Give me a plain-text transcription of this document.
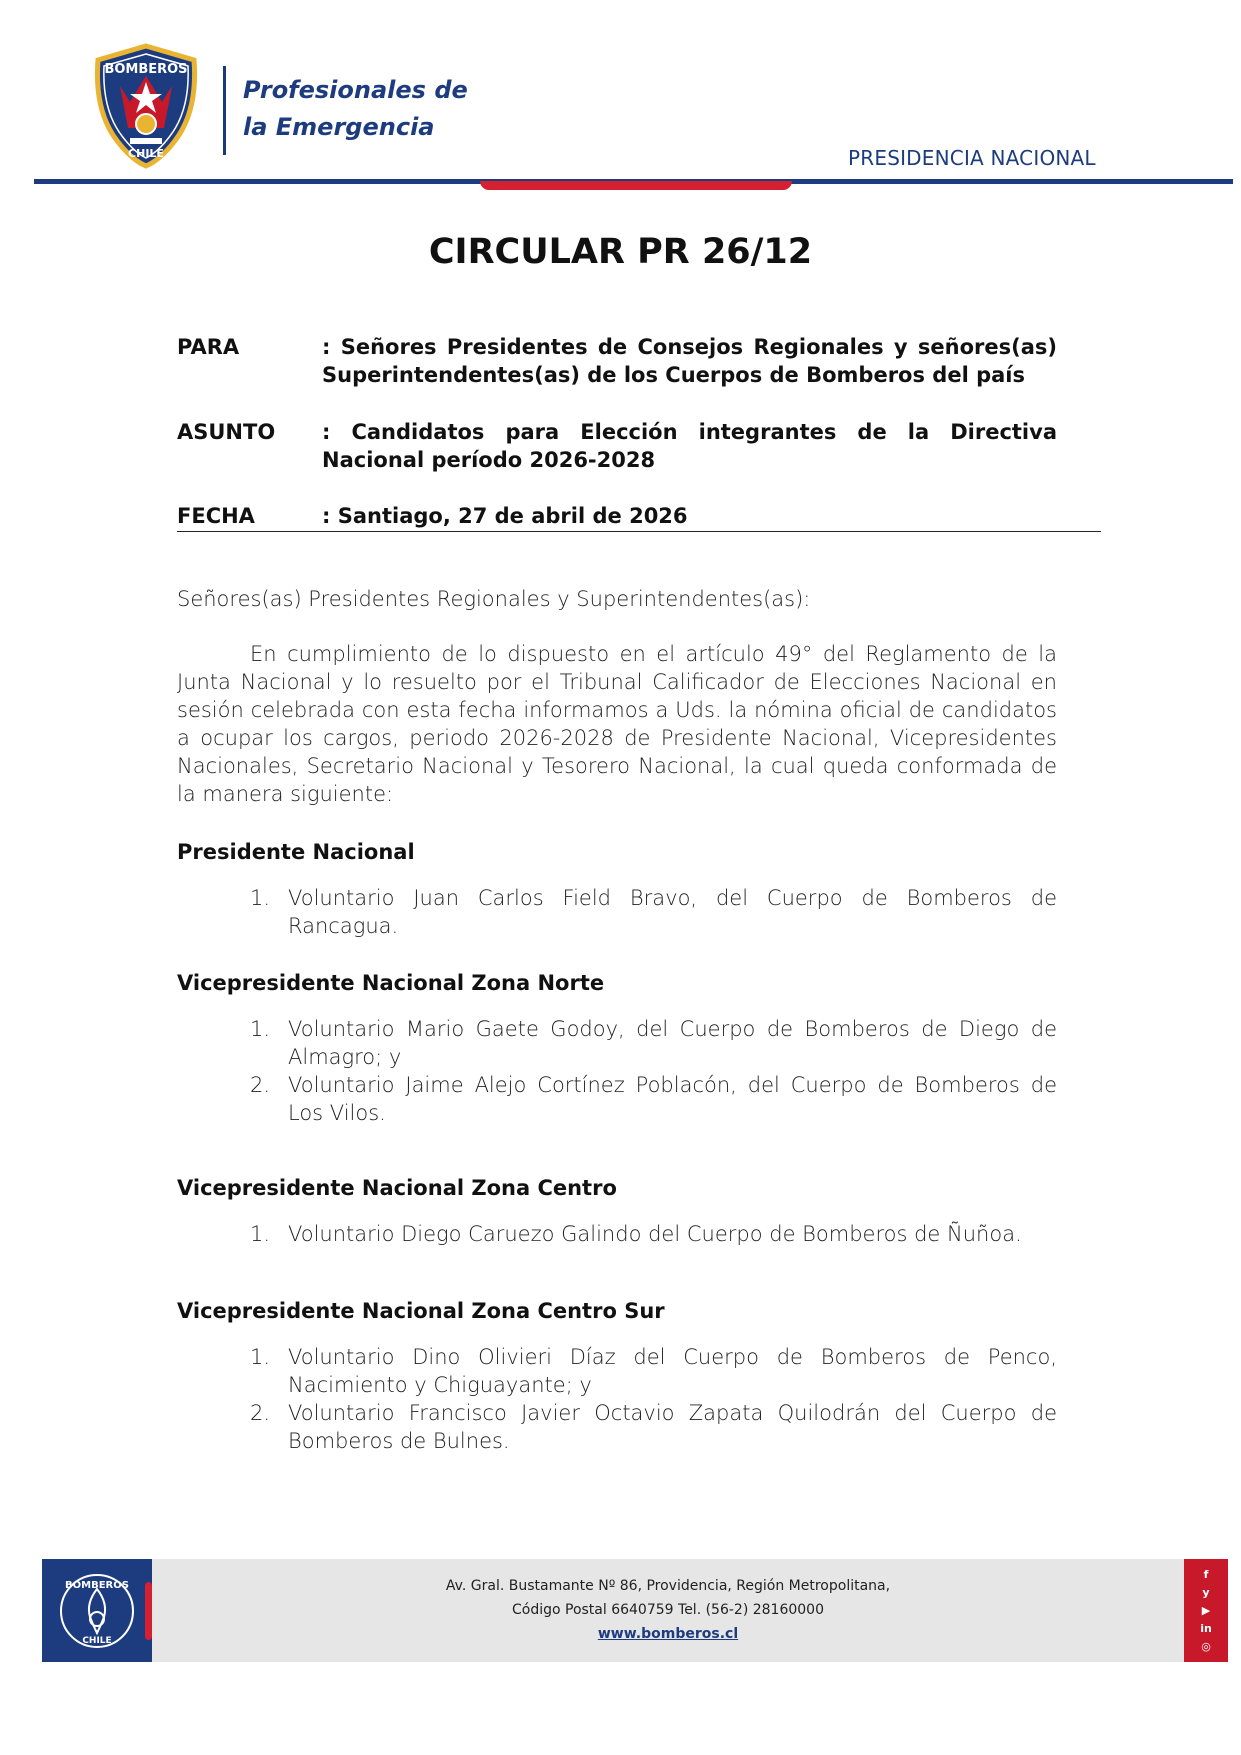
BOMBEROS
CHILE
Profesionales de
la Emergencia
PRESIDENCIA NACIONAL
CIRCULAR PR 26/12
PARA	: Señores Presidentes de Consejos Regionales y señores(as) Superintendentes(as) de los Cuerpos de Bomberos del país
ASUNTO : Candidatos para Elección integrantes de la Directiva Nacional período 2026-2028
FECHA	: Santiago, 27 de abril de 2026
Señores(as) Presidentes Regionales y Superintendentes(as):
En cumplimiento de lo dispuesto en el artículo 49° del Reglamento de la Junta Nacional y lo resuelto por el Tribunal Calificador de Elecciones Nacional en sesión celebrada con esta fecha informamos a Uds. la nómina oficial de candidatos a ocupar los cargos, periodo 2026-2028 de Presidente Nacional, Vicepresidentes Nacionales, Secretario Nacional y Tesorero Nacional, la cual queda conformada de la manera siguiente:
Presidente Nacional
1. Voluntario Juan Carlos Field Bravo, del Cuerpo de Bomberos de Rancagua.
Vicepresidente Nacional Zona Norte
1. Voluntario Mario Gaete Godoy, del Cuerpo de Bomberos de Diego de Almagro; y
2. Voluntario Jaime Alejo Cortínez Poblacón, del Cuerpo de Bomberos de Los Vilos.
Vicepresidente Nacional Zona Centro
1. Voluntario Diego Caruezo Galindo del Cuerpo de Bomberos de Ñuñoa.
Vicepresidente Nacional Zona Centro Sur
1. Voluntario Dino Olivieri Díaz del Cuerpo de Bomberos de Penco, Nacimiento y Chiguayante; y
2. Voluntario Francisco Javier Octavio Zapata Quilodrán del Cuerpo de Bomberos de Bulnes.
BOMBEROS
CHILE
Av. Gral. Bustamante Nº 86, Providencia, Región Metropolitana,
Código Postal 6640759 Tel. (56-2) 28160000
www.bomberos.cl
f
y
▶
in
◎
